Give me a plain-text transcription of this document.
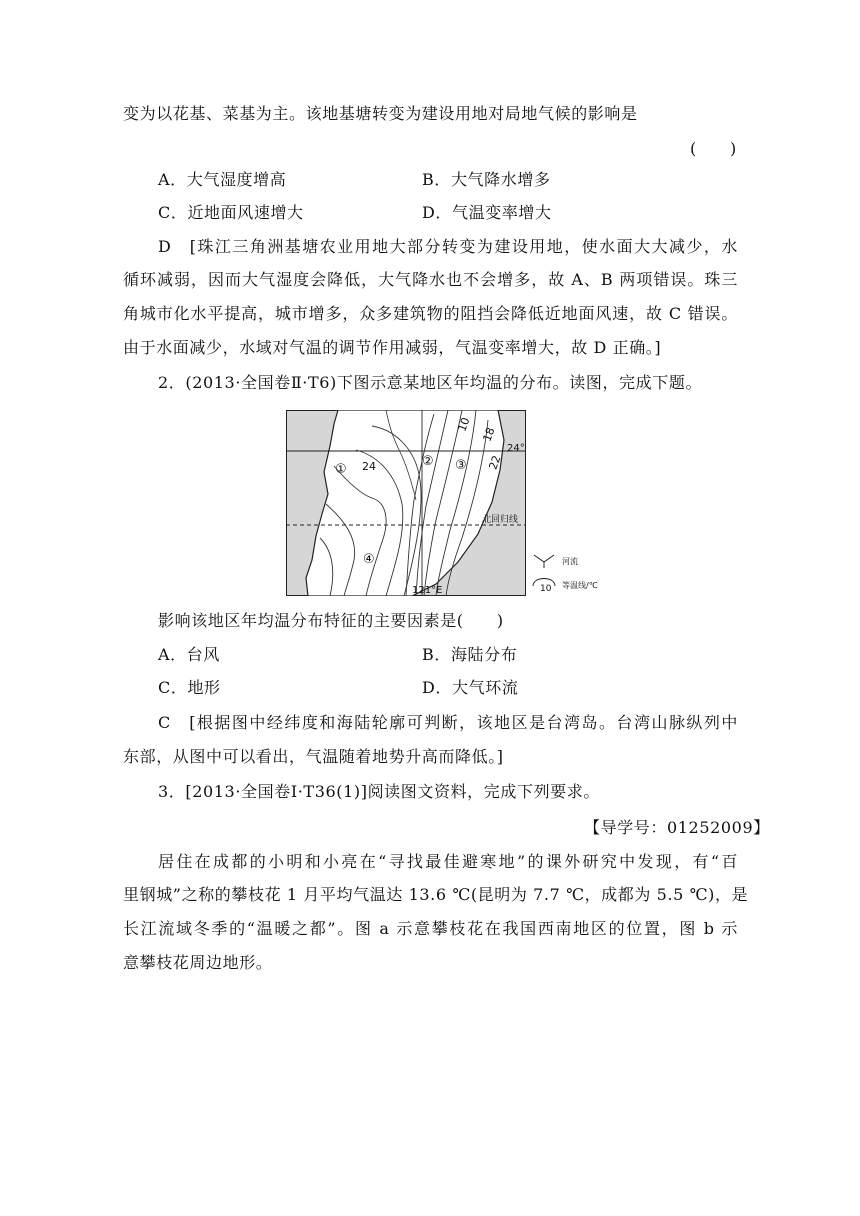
变为以花基、菜基为主。该地基塘转变为建设用地对局地气候的影响是
(　　)
A．大气湿度增高	B．大气降水增多
C．近地面风速增大	D．气温变率增大
D　[珠江三角洲基塘农业用地大部分转变为建设用地，使水面大大减少，水
循环减弱，因而大气湿度会降低，大气降水也不会增多，故 A、B 两项错误。珠三
角城市化水平提高，城市增多，众多建筑物的阻挡会降低近地面风速，故 C 错误。
由于水面减少，水域对气温的调节作用减弱，气温变率增大，故 D 正确。]
2．(2013·全国卷Ⅱ·T6)下图示意某地区年均温的分布。读图，完成下题。
10
18
22
24
①
② ③
④
24°
北回归线
121°E
河流
10 等温线/℃
影响该地区年均温分布特征的主要因素是(　　)
A．台风	B．海陆分布
C．地形	D．大气环流
C　[根据图中经纬度和海陆轮廓可判断，该地区是台湾岛。台湾山脉纵列中
东部，从图中可以看出，气温随着地势升高而降低。]
3．[2013·全国卷Ⅰ·T36(1)]阅读图文资料，完成下列要求。
【导学号：01252009】
居住在成都的小明和小亮在“寻找最佳避寒地”的课外研究中发现，有“百
里钢城”之称的攀枝花 1 月平均气温达 13.6 ℃(昆明为 7.7 ℃，成都为 5.5 ℃)，是
长江流域冬季的“温暖之都”。图 a 示意攀枝花在我国西南地区的位置，图 b 示
意攀枝花周边地形。
